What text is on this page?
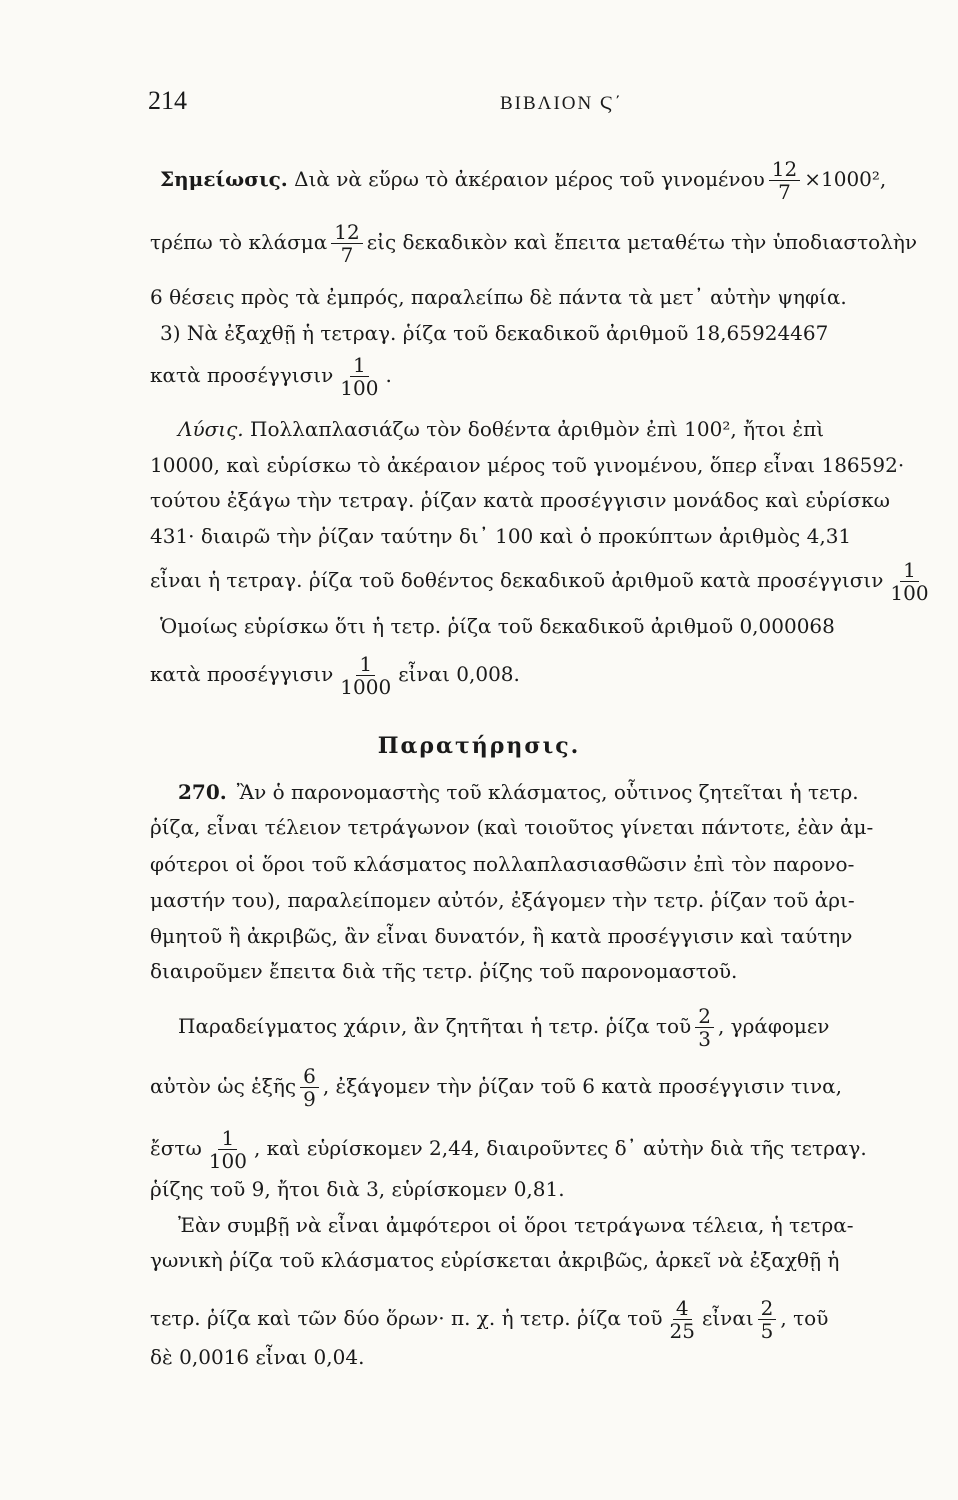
214	ΒΙΒΛΙΟΝ Ϛ΄
Σημείωσις. Διὰ νὰ εὕρω τὸ ἀκέραιον μέρος τοῦ γινομένου $\frac{12}{7} \times 1000^2$,
τρέπω τὸ κλάσμα $\frac{12}{7}$ εἰς δεκαδικὸν καὶ ἔπειτα μεταθέτω τὴν ὑποδιαστολὴν
6 θέσεις πρὸς τὰ ἐμπρός, παραλείπω δὲ πάντα τὰ μετ᾿ αὐτὴν ψηφία.
3) Νὰ ἐξαχθῇ ἡ τετραγ. ῥίζα τοῦ δεκαδικοῦ ἀριθμοῦ 18,65924467
κατὰ προσέγγισιν $\frac{1}{100}$ .
Λύσις. Πολλαπλασιάζω τὸν δοθέντα ἀριθμὸν ἐπὶ 100², ἤτοι ἐπὶ
10000, καὶ εὑρίσκω τὸ ἀκέραιον μέρος τοῦ γινομένου, ὅπερ εἶναι 186592·
τούτου ἐξάγω τὴν τετραγ. ῥίζαν κατὰ προσέγγισιν μονάδος καὶ εὑρίσκω
431· διαιρῶ τὴν ῥίζαν ταύτην δι᾿ 100 καὶ ὁ προκύπτων ἀριθμὸς 4,31
εἶναι ἡ τετραγ. ῥίζα τοῦ δοθέντος δεκαδικοῦ ἀριθμοῦ κατὰ προσέγγισιν $\frac{1}{100}$
Ὁμοίως εὑρίσκω ὅτι ἡ τετρ. ῥίζα τοῦ δεκαδικοῦ ἀριθμοῦ 0,000068
κατὰ προσέγγισιν $\frac{1}{1000}$ εἶναι 0,008.
Παρατήρησις.
270. Ἂν ὁ παρονομαστὴς τοῦ κλάσματος, οὗτινος ζητεῖται ἡ τετρ.
ῥίζα, εἶναι τέλειον τετράγωνον (καὶ τοιοῦτος γίνεται πάντοτε, ἐὰν ἀμ-
φότεροι οἱ ὅροι τοῦ κλάσματος πολλαπλασιασθῶσιν ἐπὶ τὸν παρονο-
μαστήν του), παραλείπομεν αὐτόν, ἐξάγομεν τὴν τετρ. ῥίζαν τοῦ ἀρι-
θμητοῦ ἢ ἀκριβῶς, ἂν εἶναι δυνατόν, ἢ κατὰ προσέγγισιν καὶ ταύτην
διαιροῦμεν ἔπειτα διὰ τῆς τετρ. ῥίζης τοῦ παρονομαστοῦ.
Παραδείγματος χάριν, ἂν ζητῆται ἡ τετρ. ῥίζα τοῦ $\frac{2}{3}$ , γράφομεν
αὐτὸν ὡς ἑξῆς $\frac{6}{9}$ , ἐξάγομεν τὴν ῥίζαν τοῦ 6 κατὰ προσέγγισιν τινα,
ἔστω $\frac{1}{100}$ , καὶ εὑρίσκομεν 2,44, διαιροῦντες δ᾿ αὐτὴν διὰ τῆς τετραγ.
ῥίζης τοῦ 9, ἤτοι διὰ 3, εὑρίσκομεν 0,81.
Ἐὰν συμβῇ νὰ εἶναι ἀμφότεροι οἱ ὅροι τετράγωνα τέλεια, ἡ τετρα-
γωνικὴ ῥίζα τοῦ κλάσματος εὑρίσκεται ἀκριβῶς, ἀρκεῖ νὰ ἐξαχθῇ ἡ
τετρ. ῥίζα καὶ τῶν δύο ὅρων· π. χ. ἡ τετρ. ῥίζα τοῦ $\frac{4}{25}$ εἶναι $\frac{2}{5}$ , τοῦ
δὲ 0,0016 εἶναι 0,04.
